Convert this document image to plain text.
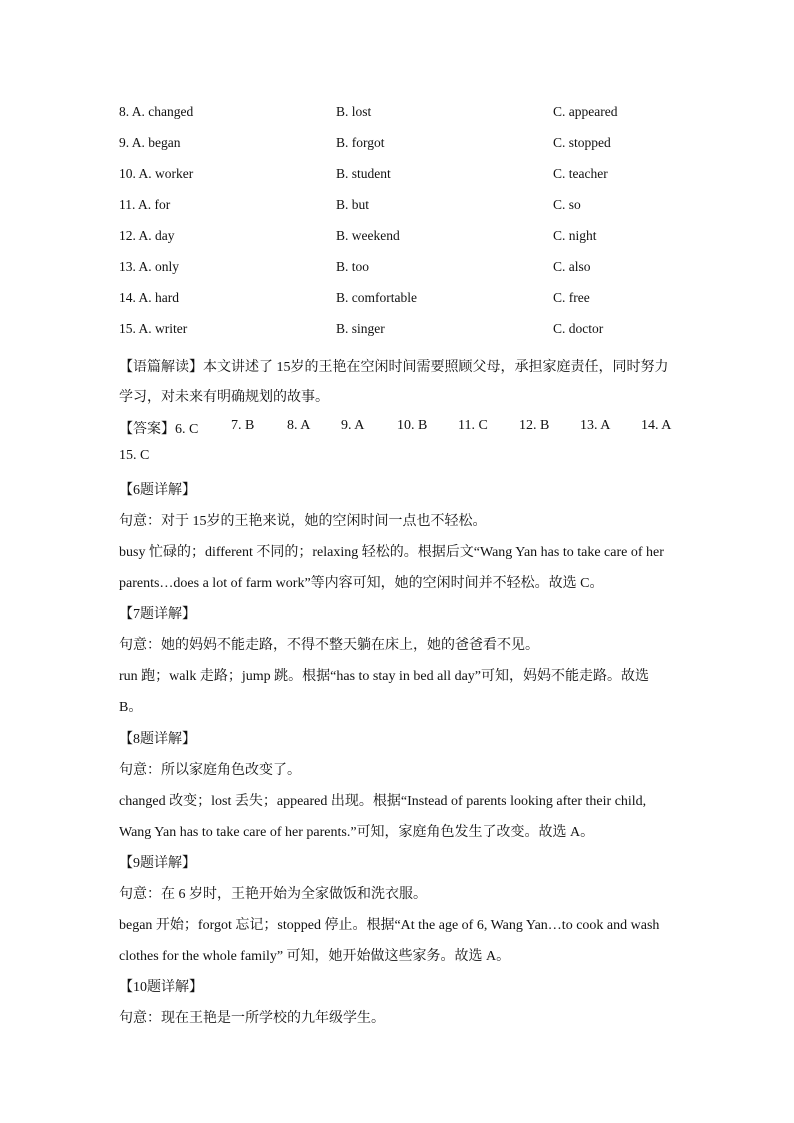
8. A. changed	B. lost	C. appeared
9. A. began	B. forgot	C. stopped
10. A. worker	B. student	C. teacher
11. A. for	B. but	C. so
12. A. day	B. weekend	C. night
13. A. only	B. too	C. also
14. A. hard	B. comfortable	C. free
15. A. writer	B. singer	C. doctor
【语篇解读】本文讲述了 15岁的王艳在空闲时间需要照顾父母，承担家庭责任，同时努力
学习，对未来有明确规划的故事。
【答案】6. C 7. B 8. A 9. A 10. B 11. C 12. B 13. A 14. A
15. C
【6题详解】
句意：对于 15岁的王艳来说，她的空闲时间一点也不轻松。
busy 忙碌的；different 不同的；relaxing 轻松的。根据后文“Wang Yan has to take care of her
parents…does a lot of farm work”等内容可知，她的空闲时间并不轻松。故选 C。
【7题详解】
句意：她的妈妈不能走路，不得不整天躺在床上，她的爸爸看不见。
run 跑；walk 走路；jump 跳。根据“has to stay in bed all day”可知，妈妈不能走路。故选
B。
【8题详解】
句意：所以家庭角色改变了。
changed 改变；lost 丢失；appeared 出现。根据“Instead of parents looking after their child,
Wang Yan has to take care of her parents.”可知，家庭角色发生了改变。故选 A。
【9题详解】
句意：在 6 岁时，王艳开始为全家做饭和洗衣服。
began 开始；forgot 忘记；stopped 停止。根据“At the age of 6, Wang Yan…to cook and wash
clothes for the whole family” 可知，她开始做这些家务。故选 A。
【10题详解】
句意：现在王艳是一所学校的九年级学生。
